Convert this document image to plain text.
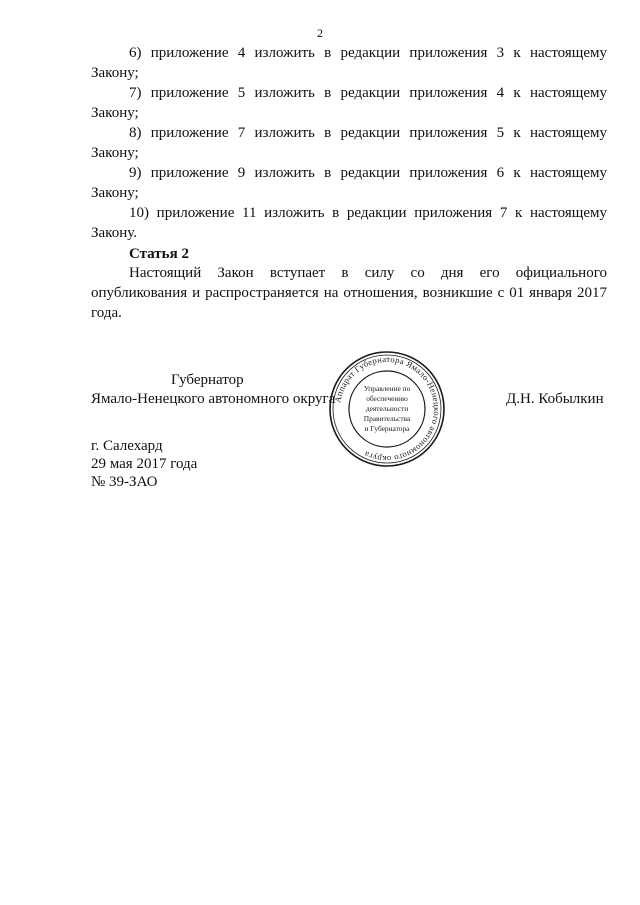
2

6) приложение 4 изложить в редакции приложения 3 к настоящему Закону;

7) приложение 5 изложить в редакции приложения 4 к настоящему Закону;

8) приложение 7 изложить в редакции приложения 5 к настоящему Закону;

9) приложение 9 изложить в редакции приложения 6 к настоящему Закону;

10) приложение 11 изложить в редакции приложения 7 к настоящему Закону.

Статья 2

Настоящий Закон вступает в силу со дня его официального опубликования и распространяется на отношения, возникшие с 01 января 2017 года.

Губернатор
Ямало-Ненецкого автономного округа
Аппарат Губернатора Ямало-Ненецкого автономного округа
Управление по
обеспечению
деятельности
Правительства
и Губернатора
Д.Н. Кобылкин
г. Салехард
29 мая 2017 года
№ 39-ЗАО
